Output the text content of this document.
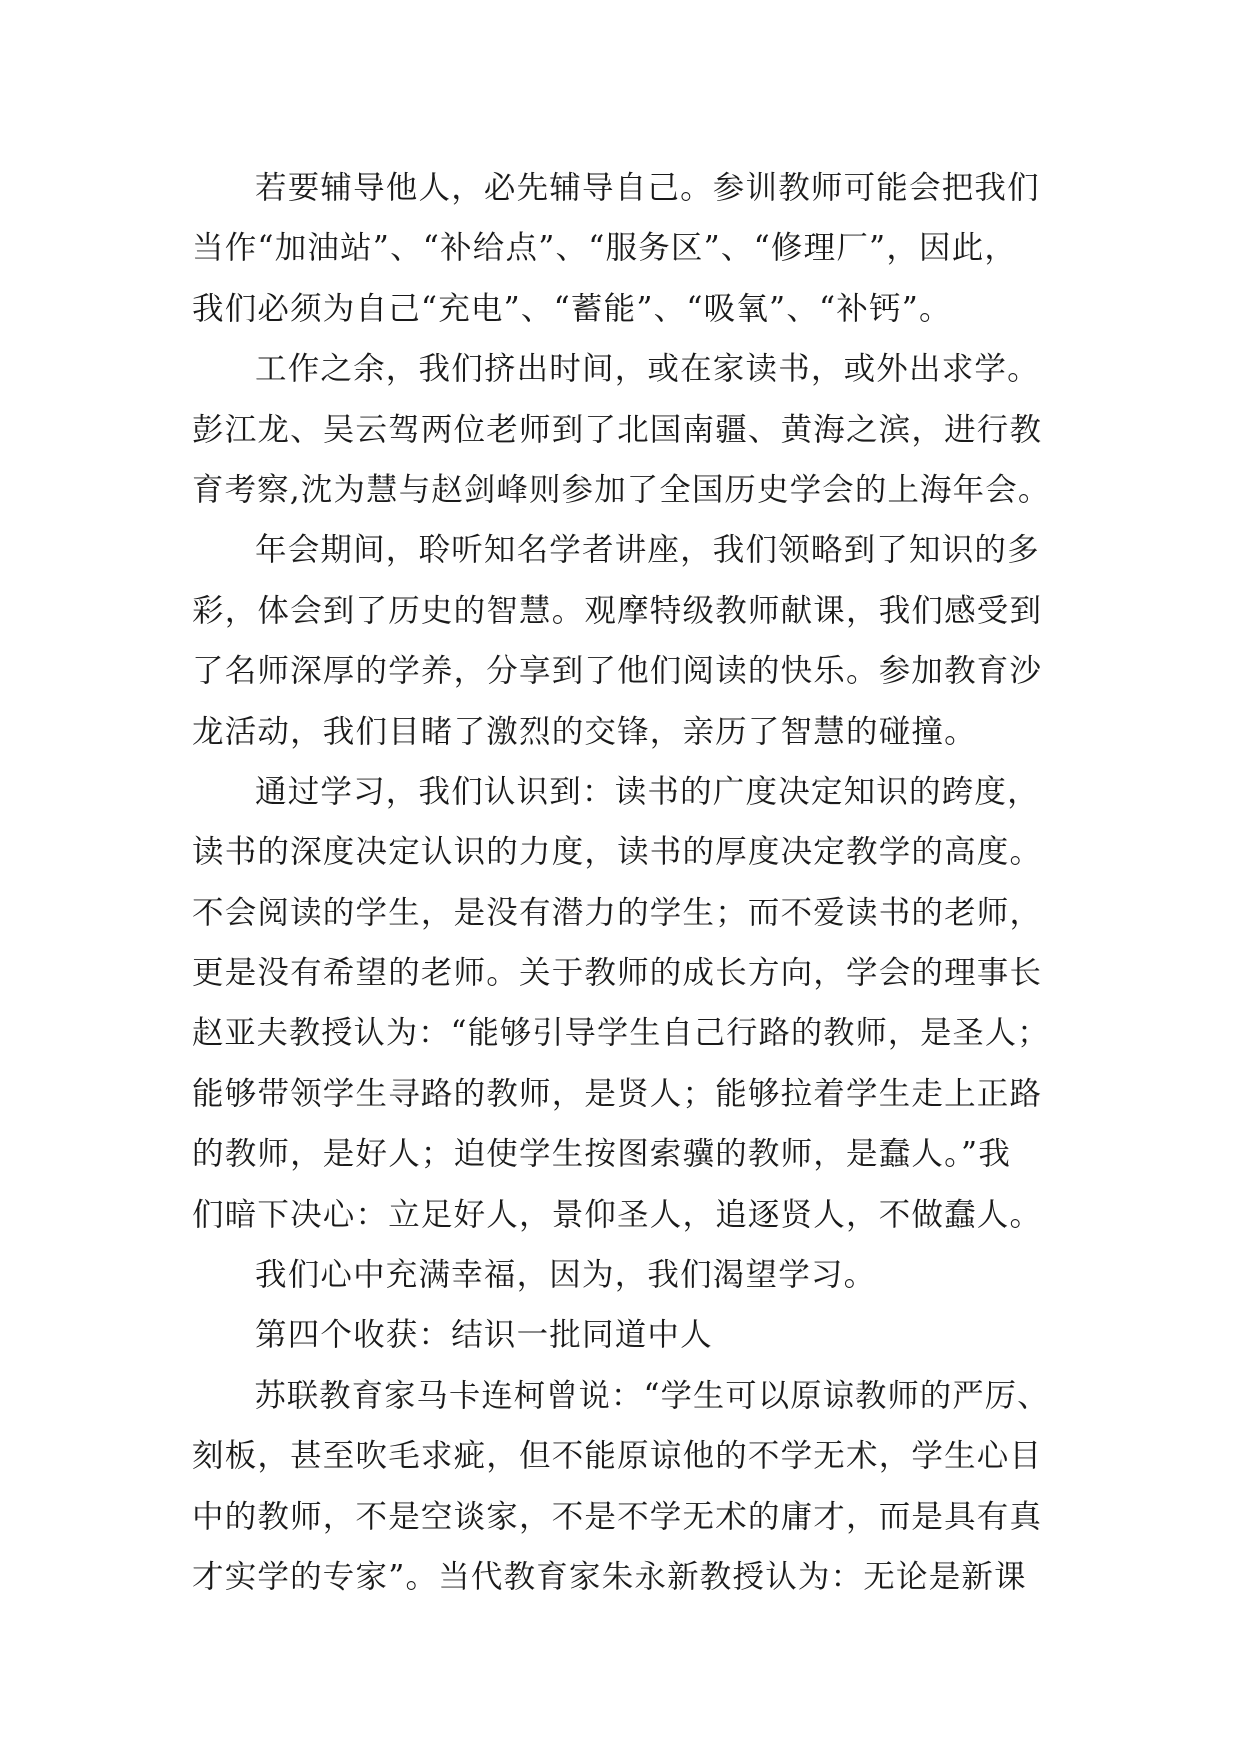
若要辅导他人，必先辅导自己。参训教师可能会把我们
当作“加油站”、“补给点”、“服务区”、“修理厂”，因此，
我们必须为自己“充电”、“蓄能”、“吸氧”、“补钙”。
工作之余，我们挤出时间，或在家读书，或外出求学。
彭江龙、吴云驾两位老师到了北国南疆、黄海之滨，进行教
育考察,沈为慧与赵剑峰则参加了全国历史学会的上海年会。
年会期间，聆听知名学者讲座，我们领略到了知识的多
彩，体会到了历史的智慧。观摩特级教师献课，我们感受到
了名师深厚的学养，分享到了他们阅读的快乐。参加教育沙
龙活动，我们目睹了激烈的交锋，亲历了智慧的碰撞。
通过学习，我们认识到：读书的广度决定知识的跨度，
读书的深度决定认识的力度，读书的厚度决定教学的高度。
不会阅读的学生，是没有潜力的学生；而不爱读书的老师，
更是没有希望的老师。关于教师的成长方向，学会的理事长
赵亚夫教授认为：“能够引导学生自己行路的教师，是圣人；
能够带领学生寻路的教师，是贤人；能够拉着学生走上正路
的教师，是好人；迫使学生按图索骥的教师，是蠢人。”我
们暗下决心：立足好人，景仰圣人，追逐贤人，不做蠢人。
我们心中充满幸福，因为，我们渴望学习。
第四个收获：结识一批同道中人
苏联教育家马卡连柯曾说：“学生可以原谅教师的严厉、
刻板，甚至吹毛求疵，但不能原谅他的不学无术，学生心目
中的教师，不是空谈家，不是不学无术的庸才，而是具有真
才实学的专家”。当代教育家朱永新教授认为：无论是新课
